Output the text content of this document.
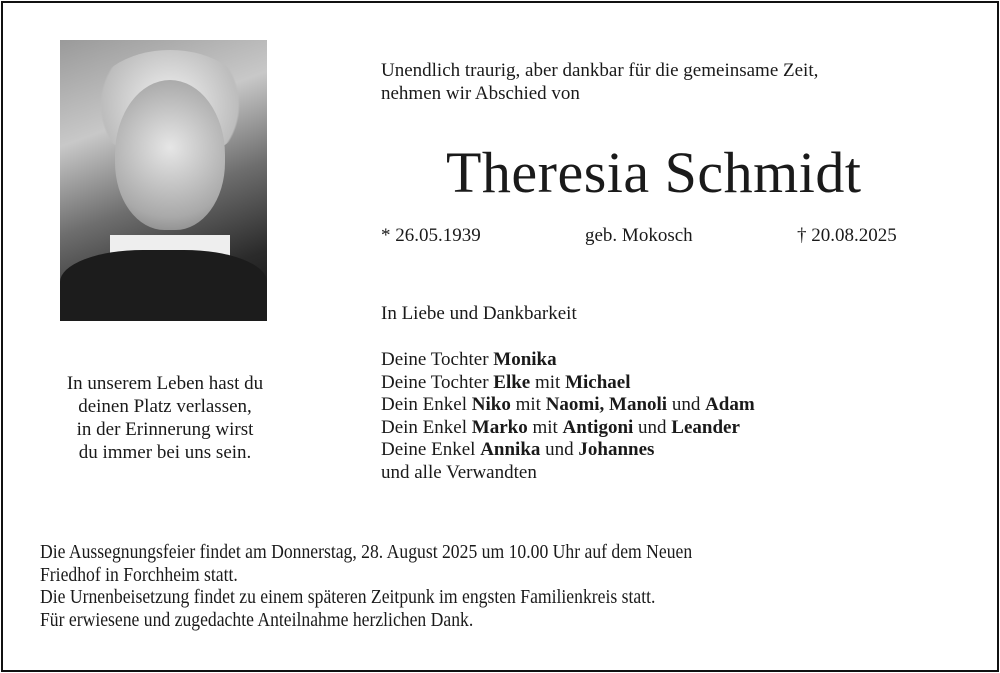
In unserem Leben hast du
deinen Platz verlassen,
in der Erinnerung wirst
du immer bei uns sein.
Unendlich traurig, aber dankbar für die gemeinsame Zeit,
nehmen wir Abschied von
Theresia Schmidt
* 26.05.1939	geb. Mokosch	† 20.08.2025
In Liebe und Dankbarkeit
Deine Tochter Monika
Deine Tochter Elke mit Michael
Dein Enkel Niko mit Naomi, Manoli und Adam
Dein Enkel Marko mit Antigoni und Leander
Deine Enkel Annika und Johannes
und alle Verwandten
Die Aussegnungsfeier findet am Donnerstag, 28. August 2025 um 10.00 Uhr auf dem Neuen
Friedhof in Forchheim statt.
Die Urnenbeisetzung findet zu einem späteren Zeitpunk im engsten Familienkreis statt.
Für erwiesene und zugedachte Anteilnahme herzlichen Dank.
